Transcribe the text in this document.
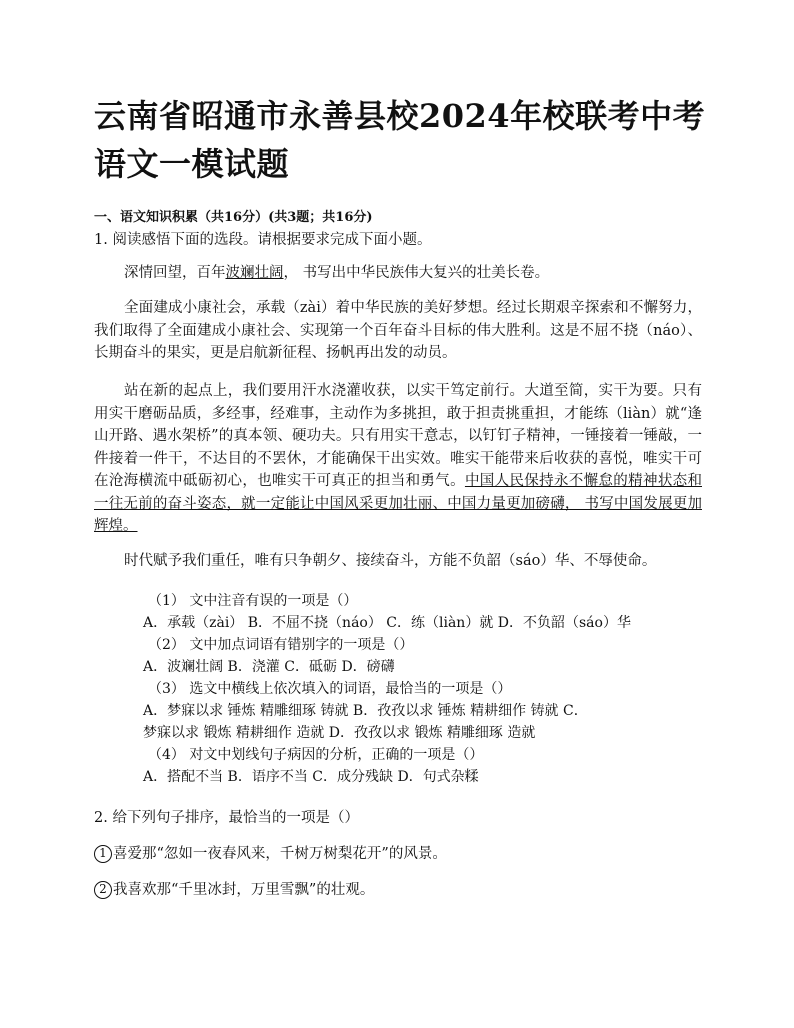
云南省昭通市永善县校2024年校联考中考语文一模试题
一、语文知识积累（共16分）(共3题；共16分)
1. 阅读感悟下面的选段。请根据要求完成下面小题。

深情回望，百年波斓壮阔， 书写出中华民族伟大复兴的壮美长卷。

全面建成小康社会，承载（zài）着中华民族的美好梦想。经过长期艰辛探索和不懈努力，我们取得了全面建成小康社会、实现第一个百年奋斗目标的伟大胜利。这是不屈不挠（náo）、长期奋斗的果实，更是启航新征程、扬帆再出发的动员。

站在新的起点上，我们要用汗水浇灌收获，以实干笃定前行。大道至简，实干为要。只有用实干磨砺品质，多经事，经难事，主动作为多挑担，敢于担责挑重担，才能练（liàn）就“逢山开路、遇水架桥”的真本领、硬功夫。只有用实干意志，以钉钉子精神，一锤接着一锤敲，一件接着一件干，不达目的不罢休，才能确保干出实效。唯实干能带来后收获的喜悦，唯实干可在沧海横流中砥砺初心，也唯实干可真正的担当和勇气。中国人民保持永不懈怠的精神状态和一往无前的奋斗姿态，就一定能让中国风采更加壮丽、中国力量更加磅礴， 书写中国发展更加辉煌。

时代赋予我们重任，唯有只争朝夕、接续奋斗，方能不负韶（sáo）华、不辱使命。

（1） 文中注音有误的一项是（）
A．承载（zài） B．不屈不挠（náo） C．练（liàn）就 D．不负韶（sáo）华
（2） 文中加点词语有错别字的一项是（）
A．波斓壮阔 B．浇灌 C．砥砺 D．磅礴
（3） 选文中横线上依次填入的词语，最恰当的一项是（）
A．梦寐以求 锤炼 精雕细琢 铸就 B．孜孜以求 锤炼 精耕细作 铸就 C．
梦寐以求 锻炼 精耕细作 造就 D．孜孜以求 锻炼 精雕细琢 造就
（4） 对文中划线句子病因的分析，正确的一项是（）
A．搭配不当 B．语序不当 C．成分残缺 D．句式杂糅
2. 给下列句子排序，最恰当的一项是（）
1 喜爱那“忽如一夜春风来，千树万树梨花开”的风景。
2 我喜欢那“千里冰封，万里雪飘”的壮观。
